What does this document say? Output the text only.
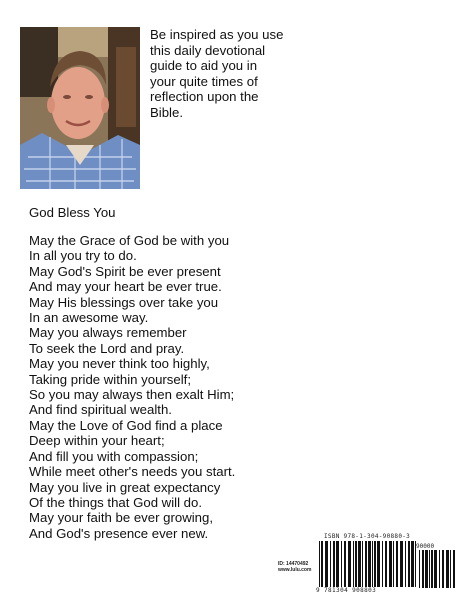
Be inspired as you use
this daily devotional
guide to aid you in
your quite times of
reflection upon the
Bible.

God Bless You
May the Grace of God be with you
In all you try to do.
May God's Spirit be ever present
And may your heart be ever true.
May His blessings over take you
In an awesome way.
May you always remember
To seek the Lord and pray.
May you never think too highly,
Taking pride within yourself;
So you may always then exalt Him;
And find spiritual wealth.
May the Love of God find a place
Deep within your heart;
And fill you with compassion;
While meet other's needs you start.
May you live in great expectancy
Of the things that God will do.
May your faith be ever growing,
And God's presence ever new.
ID: 14470492
www.lulu.com
ISBN 978-1-304-90880-3
90000
9 781304 908803
